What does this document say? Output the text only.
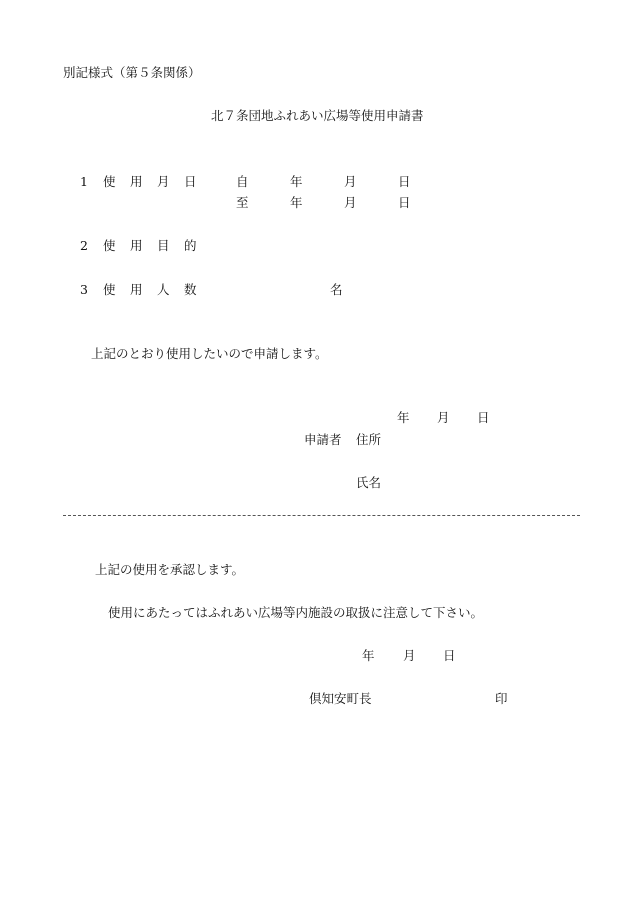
別記様式（第５条関係）
北７条団地ふれあい広場等使用申請書
1 使 用 月 日	自	年	月	日
至	年	月	日
2 使 用 目 的
3 使 用 人 数	名
上記のとおり使用したいので申請します。
年 月 日
申請者 住所
氏名
上記の使用を承認します。
使用にあたってはふれあい広場等内施設の取扱に注意して下さい。
年 月 日
倶知安町長	印
